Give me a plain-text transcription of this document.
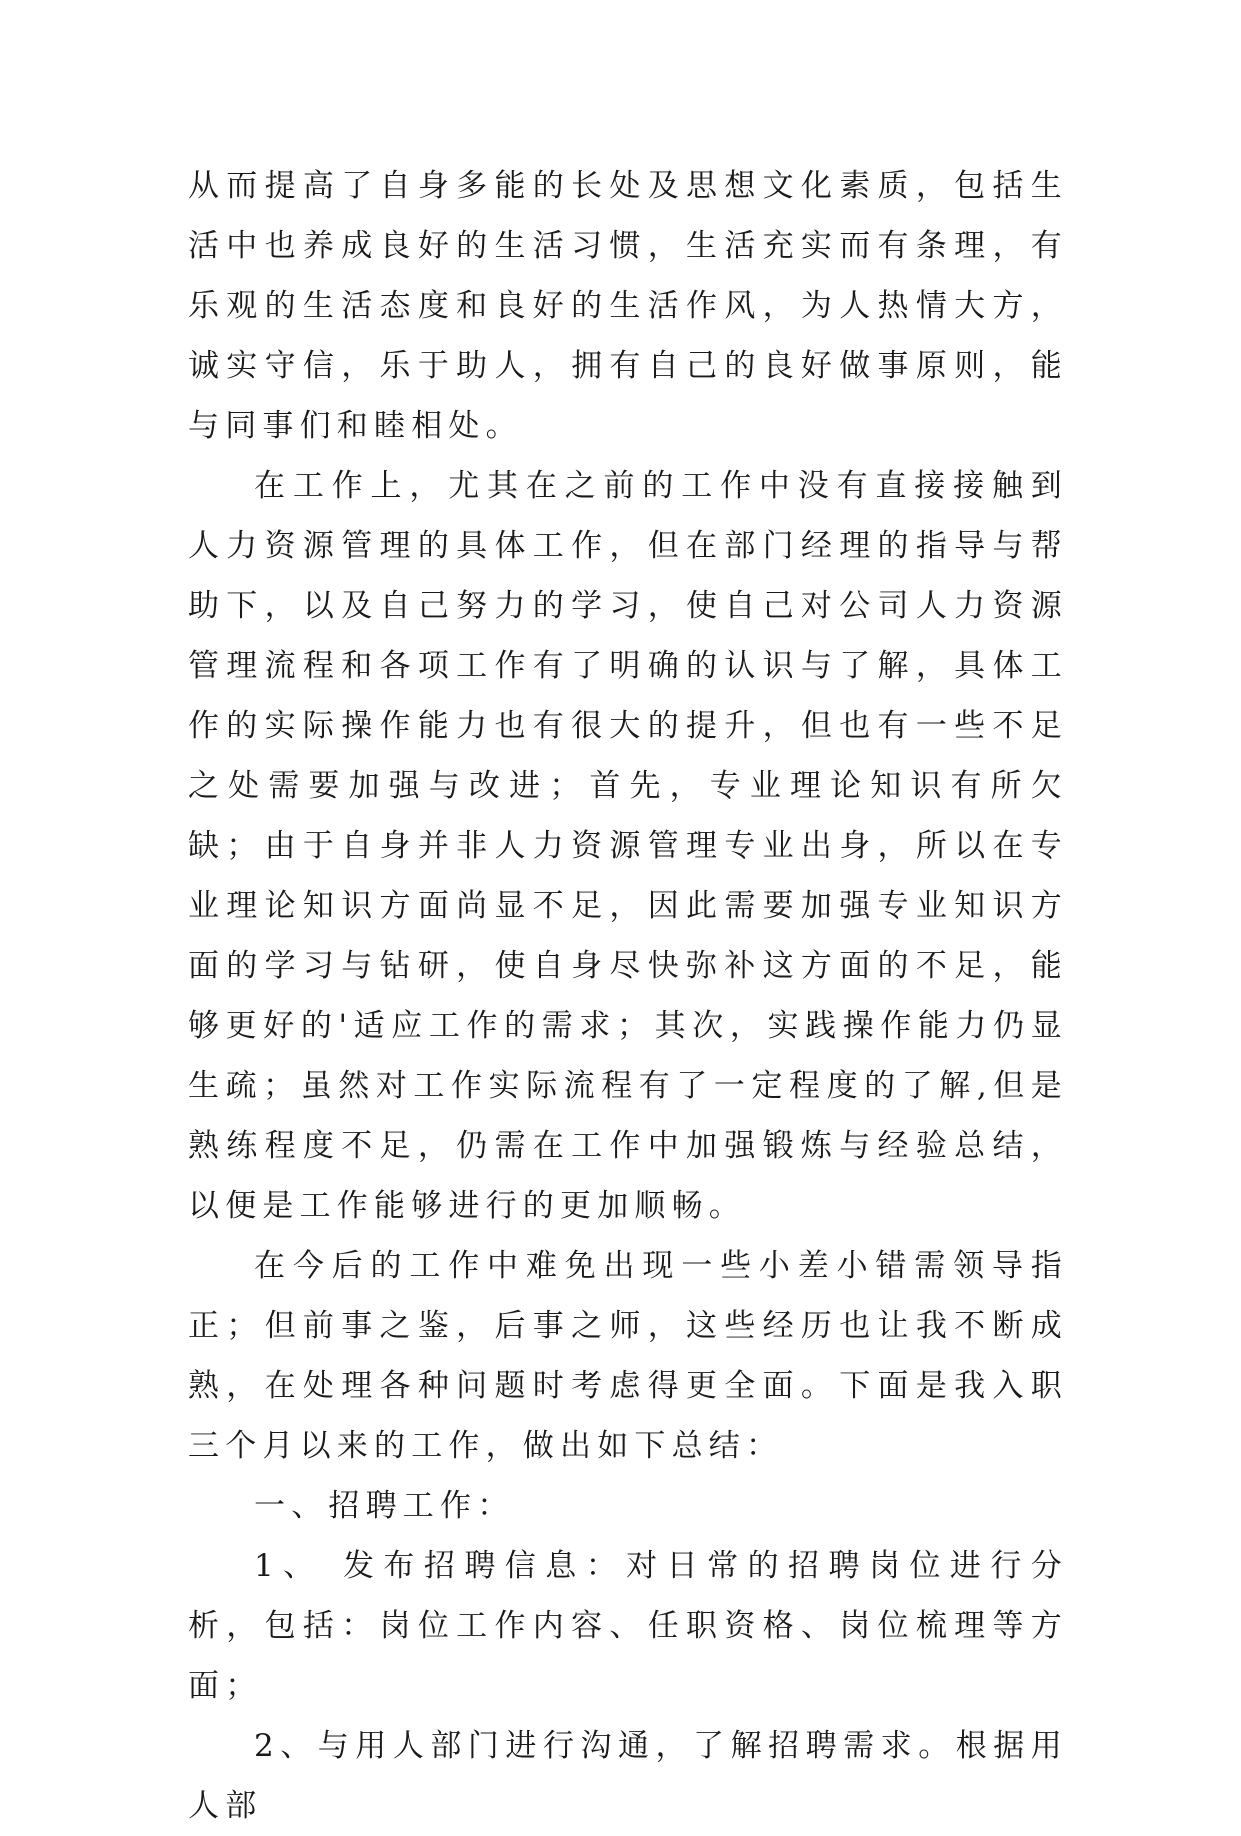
从而提高了自身多能的长处及思想文化素质，包括生活中也养成良好的生活习惯，生活充实而有条理，有乐观的生活态度和良好的生活作风，为人热情大方，诚实守信，乐于助人，拥有自己的良好做事原则，能与同事们和睦相处。

在工作上，尤其在之前的工作中没有直接接触到人力资源管理的具体工作，但在部门经理的指导与帮助下，以及自己努力的学习，使自己对公司人力资源管理流程和各项工作有了明确的认识与了解，具体工作的实际操作能力也有很大的提升，但也有一些不足之处需要加强与改进；首先，专业理论知识有所欠缺；由于自身并非人力资源管理专业出身，所以在专业理论知识方面尚显不足，因此需要加强专业知识方面的学习与钻研，使自身尽快弥补这方面的不足，能够更好的'适应工作的需求；其次，实践操作能力仍显生疏；虽然对工作实际流程有了一定程度的了解,但是熟练程度不足，仍需在工作中加强锻炼与经验总结，以便是工作能够进行的更加顺畅。

在今后的工作中难免出现一些小差小错需领导指正；但前事之鉴，后事之师，这些经历也让我不断成熟，在处理各种问题时考虑得更全面。下面是我入职三个月以来的工作，做出如下总结：

一、招聘工作：

1、 发布招聘信息：对日常的招聘岗位进行分析，包括：岗位工作内容、任职资格、岗位梳理等方面；

2、与用人部门进行沟通，了解招聘需求。根据用人部
